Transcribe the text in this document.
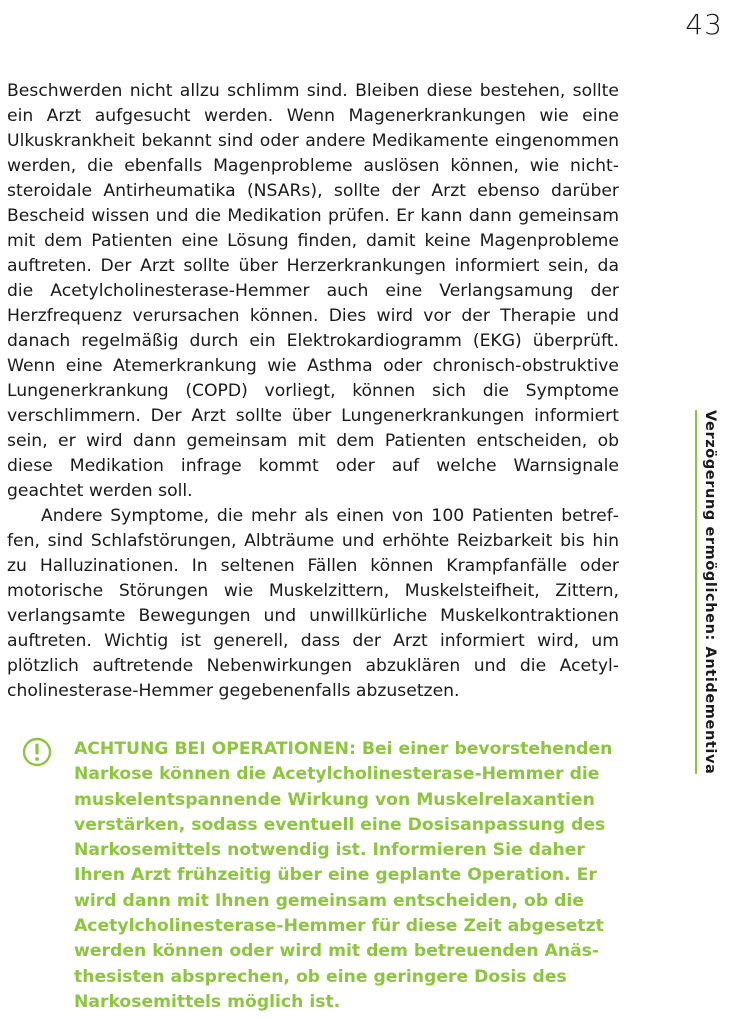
43

Beschwerden nicht allzu schlimm sind. Bleiben diese bestehen, sollte ein Arzt aufgesucht werden. Wenn Magenerkrankungen wie eine Ulkuskrankheit bekannt sind oder andere Medikamente eingenommen werden, die ebenfalls Magenprobleme auslösen können, wie nicht-steroidale Antirheumatika (NSARs), sollte der Arzt ebenso darüber Bescheid wissen und die Medikation prüfen. Er kann dann gemeinsam mit dem Patienten eine Lösung finden, damit keine Magenprobleme auftreten. Der Arzt sollte über Herzerkrankungen informiert sein, da die Acetylcholinesterase-Hemmer auch eine Verlangsamung der Herzfrequenz verursachen können. Dies wird vor der Therapie und danach regelmäßig durch ein Elektrokardiogramm (EKG) überprüft. Wenn eine Atemerkrankung wie Asthma oder chronisch-obstruktive Lungenerkrankung (COPD) vorliegt, können sich die Symptome verschlimmern. Der Arzt sollte über Lungenerkrankungen informiert sein, er wird dann gemeinsam mit dem Patienten entscheiden, ob diese Medikation infrage kommt oder auf welche Warnsignale geachtet werden soll.

Andere Symptome, die mehr als einen von 100 Patienten betreffen, sind Schlafstörungen, Albträume und erhöhte Reizbarkeit bis hin zu Halluzinationen. In seltenen Fällen können Krampfanfälle oder motorische Störungen wie Muskelzittern, Muskelsteifheit, Zittern, verlangsamte Bewegungen und unwillkürliche Muskelkontraktionen auftreten. Wichtig ist generell, dass der Arzt informiert wird, um plötzlich auftretende Nebenwirkungen abzuklären und die Acetylcholinesterase-Hemmer gegebenenfalls abzusetzen.

ACHTUNG BEI OPERATIONEN: Bei einer bevorstehenden Narkose können die Acetylcholinesterase-Hemmer die muskelentspannende Wirkung von Muskelrelaxantien verstärken, sodass eventuell eine Dosisanpassung des Narkosemittels notwendig ist. Informieren Sie daher Ihren Arzt frühzeitig über eine geplante Operation. Er wird dann mit Ihnen gemeinsam entscheiden, ob die Acetylcholinesterase-Hemmer für diese Zeit abgesetzt werden können oder wird mit dem betreuenden Anästhesisten absprechen, ob eine geringere Dosis des Narkosemittels möglich ist.
Verzögerung ermöglichen: Antidementiva
